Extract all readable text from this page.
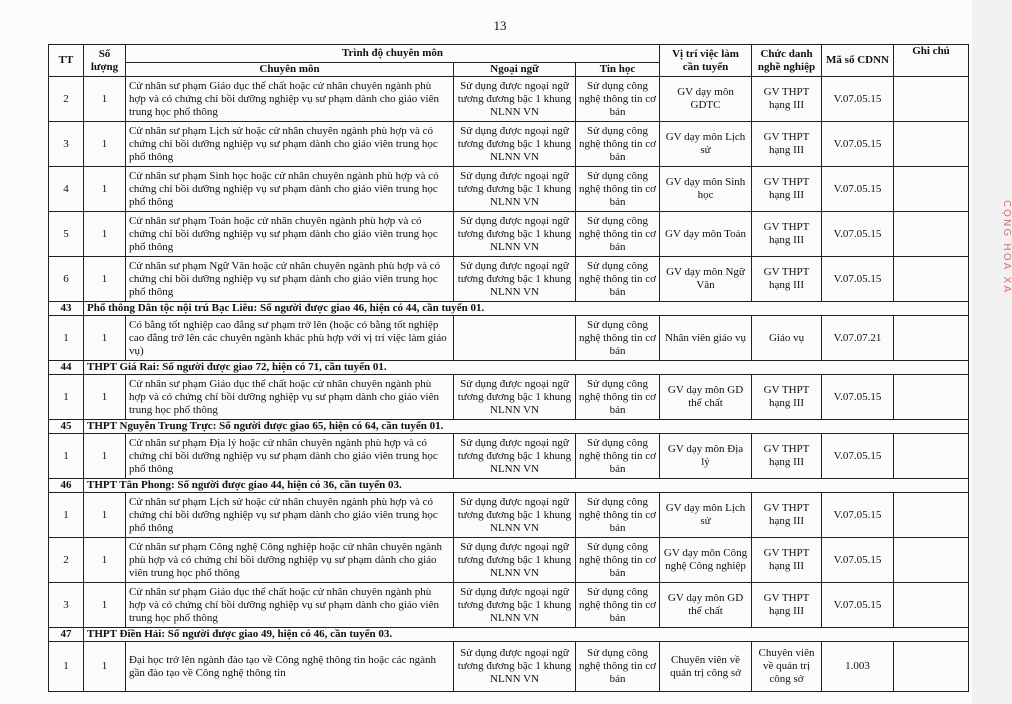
13
TT	Số lượng	Trình độ chuyên môn			Vị trí việc làm cần tuyển	Chức danh nghề nghiệp	Mã số CDNN	Ghi chú
		Chuyên môn	Ngoại ngữ	Tin học				
2	1	Cử nhân sư phạm Giáo dục thể chất hoặc cử nhân chuyên ngành phù hợp và có chứng chỉ bồi dưỡng nghiệp vụ sư phạm dành cho giáo viên trung học phổ thông	Sử dụng được ngoại ngữ tương đương bậc 1 khung NLNN VN	Sử dụng công nghệ thông tin cơ bản	GV dạy môn GDTC	GV THPT hạng III	V.07.05.15	
3	1	Cử nhân sư phạm Lịch sử hoặc cử nhân chuyên ngành phù hợp và có chứng chỉ bồi dưỡng nghiệp vụ sư phạm dành cho giáo viên trung học phổ thông	Sử dụng được ngoại ngữ tương đương bậc 1 khung NLNN VN	Sử dụng công nghệ thông tin cơ bản	GV dạy môn Lịch sử	GV THPT hạng III	V.07.05.15	
4	1	Cử nhân sư phạm Sinh học hoặc cử nhân chuyên ngành phù hợp và có chứng chỉ bồi dưỡng nghiệp vụ sư phạm dành cho giáo viên trung học phổ thông	Sử dụng được ngoại ngữ tương đương bậc 1 khung NLNN VN	Sử dụng công nghệ thông tin cơ bản	GV dạy môn Sinh học	GV THPT hạng III	V.07.05.15	
5	1	Cử nhân sư phạm Toán hoặc cử nhân chuyên ngành phù hợp và có chứng chỉ bồi dưỡng nghiệp vụ sư phạm dành cho giáo viên trung học phổ thông	Sử dụng được ngoại ngữ tương đương bậc 1 khung NLNN VN	Sử dụng công nghệ thông tin cơ bản	GV dạy môn Toán	GV THPT hạng III	V.07.05.15	
6	1	Cử nhân sư phạm Ngữ Văn hoặc cử nhân chuyên ngành phù hợp và có chứng chỉ bồi dưỡng nghiệp vụ sư phạm dành cho giáo viên trung học phổ thông	Sử dụng được ngoại ngữ tương đương bậc 1 khung NLNN VN	Sử dụng công nghệ thông tin cơ bản	GV dạy môn Ngữ Văn	GV THPT hạng III	V.07.05.15	
43	Phổ thông Dân tộc nội trú Bạc Liêu: Số người được giao 46, hiện có 44, cần tuyển 01.							
1	1	Có bằng tốt nghiệp cao đẳng sư phạm trở lên (hoặc có bằng tốt nghiệp cao đẳng trở lên các chuyên ngành khác phù hợp với vị trí việc làm giáo vụ)		Sử dụng công nghệ thông tin cơ bản	Nhân viên giáo vụ	Giáo vụ	V.07.07.21	
44	THPT Giá Rai: Số người được giao 72, hiện có 71, cần tuyển 01.							
1	1	Cử nhân sư phạm Giáo dục thể chất hoặc cử nhân chuyên ngành phù hợp và có chứng chỉ bồi dưỡng nghiệp vụ sư phạm dành cho giáo viên trung học phổ thông	Sử dụng được ngoại ngữ tương đương bậc 1 khung NLNN VN	Sử dụng công nghệ thông tin cơ bản	GV dạy môn GD thể chất	GV THPT hạng III	V.07.05.15	
45	THPT Nguyễn Trung Trực: Số người được giao 65, hiện có 64, cần tuyển 01.							
1	1	Cử nhân sư phạm Địa lý hoặc cử nhân chuyên ngành phù hợp và có chứng chỉ bồi dưỡng nghiệp vụ sư phạm dành cho giáo viên trung học phổ thông	Sử dụng được ngoại ngữ tương đương bậc 1 khung NLNN VN	Sử dụng công nghệ thông tin cơ bản	GV dạy môn Địa lý	GV THPT hạng III	V.07.05.15	
46	THPT Tân Phong: Số người được giao 44, hiện có 36, cần tuyển 03.							
1	1	Cử nhân sư phạm Lịch sử hoặc cử nhân chuyên ngành phù hợp và có chứng chỉ bồi dưỡng nghiệp vụ sư phạm dành cho giáo viên trung học phổ thông	Sử dụng được ngoại ngữ tương đương bậc 1 khung NLNN VN	Sử dụng công nghệ thông tin cơ bản	GV dạy môn Lịch sử	GV THPT hạng III	V.07.05.15	
2	1	Cử nhân sư phạm Công nghệ Công nghiệp hoặc cử nhân chuyên ngành phù hợp và có chứng chỉ bồi dưỡng nghiệp vụ sư phạm dành cho giáo viên trung học phổ thông	Sử dụng được ngoại ngữ tương đương bậc 1 khung NLNN VN	Sử dụng công nghệ thông tin cơ bản	GV dạy môn Công nghệ Công nghiệp	GV THPT hạng III	V.07.05.15	
3	1	Cử nhân sư phạm Giáo dục thể chất hoặc cử nhân chuyên ngành phù hợp và có chứng chỉ bồi dưỡng nghiệp vụ sư phạm dành cho giáo viên trung học phổ thông	Sử dụng được ngoại ngữ tương đương bậc 1 khung NLNN VN	Sử dụng công nghệ thông tin cơ bản	GV dạy môn GD thể chất	GV THPT hạng III	V.07.05.15	
47	THPT Điền Hải: Số người được giao 49, hiện có 46, cần tuyển 03.							
1	1	Đại học trở lên ngành đào tạo về Công nghệ thông tin hoặc các ngành gần đào tạo về Công nghệ thông tin	Sử dụng được ngoại ngữ tương đương bậc 1 khung NLNN VN	Sử dụng công nghệ thông tin cơ bản	Chuyên viên về quản trị công sở	Chuyên viên về quản trị công sở	1.003	
CỘNG HÒA XÃ
